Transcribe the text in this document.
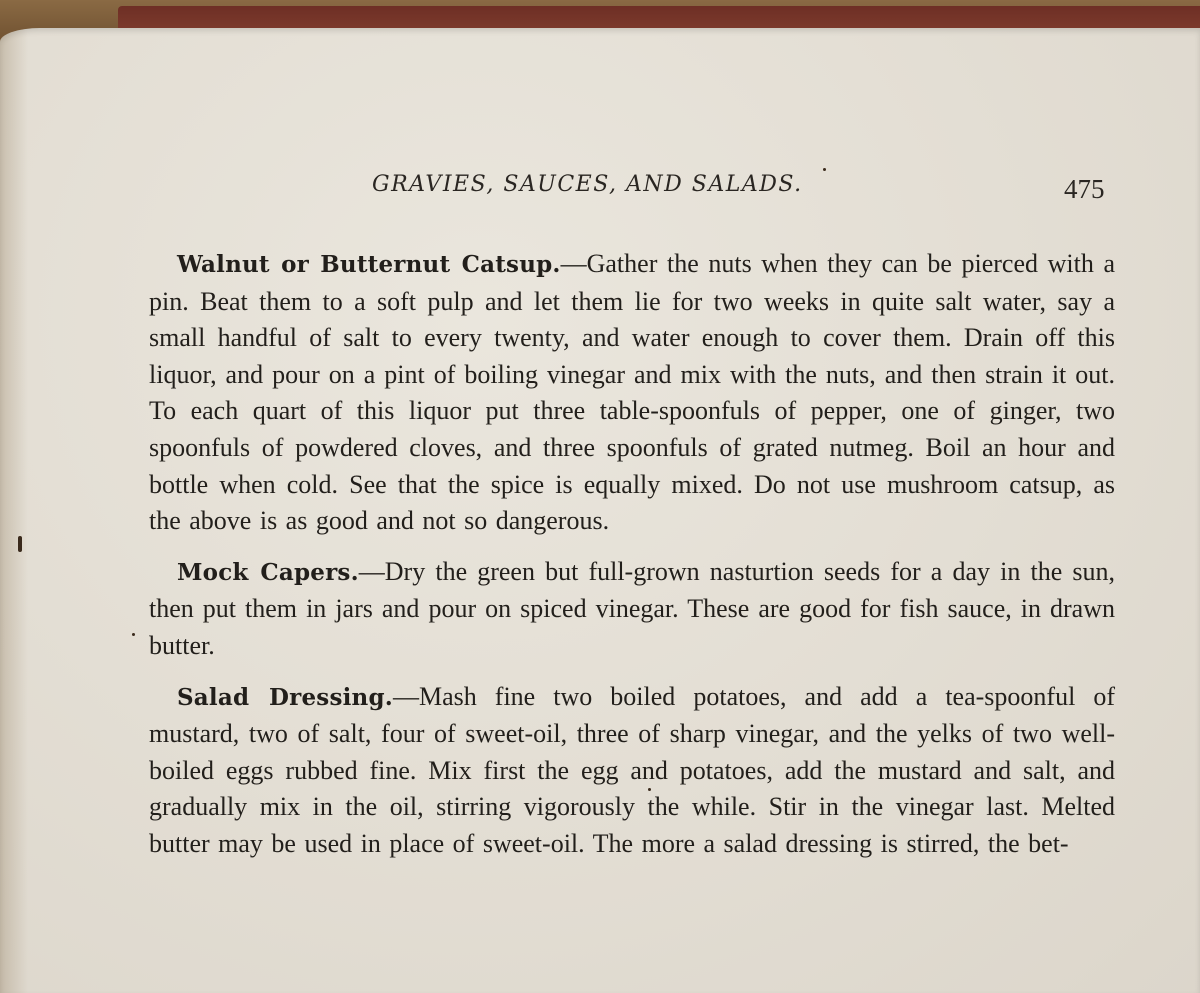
GRAVIES, SAUCES, AND SALADS.	475

Walnut or Butternut Catsup.—Gather the nuts when they can be pierced with a pin. Beat them to a soft pulp and let them lie for two weeks in quite salt water, say a small handful of salt to every twenty, and water enough to cover them. Drain off this liquor, and pour on a pint of boiling vinegar and mix with the nuts, and then strain it out. To each quart of this liquor put three table-spoonfuls of pepper, one of ginger, two spoonfuls of powdered cloves, and three spoonfuls of grated nutmeg. Boil an hour and bottle when cold. See that the spice is equally mixed. Do not use mushroom catsup, as the above is as good and not so dangerous.

Mock Capers.—Dry the green but full-grown nasturtion seeds for a day in the sun, then put them in jars and pour on spiced vinegar. These are good for fish sauce, in drawn butter.

Salad Dressing.—Mash fine two boiled potatoes, and add a tea-spoonful of mustard, two of salt, four of sweet-oil, three of sharp vinegar, and the yelks of two well-boiled eggs rubbed fine. Mix first the egg and potatoes, add the mustard and salt, and gradually mix in the oil, stirring vigorously the while. Stir in the vinegar last. Melted butter may be used in place of sweet-oil. The more a salad dressing is stirred, the bet-
